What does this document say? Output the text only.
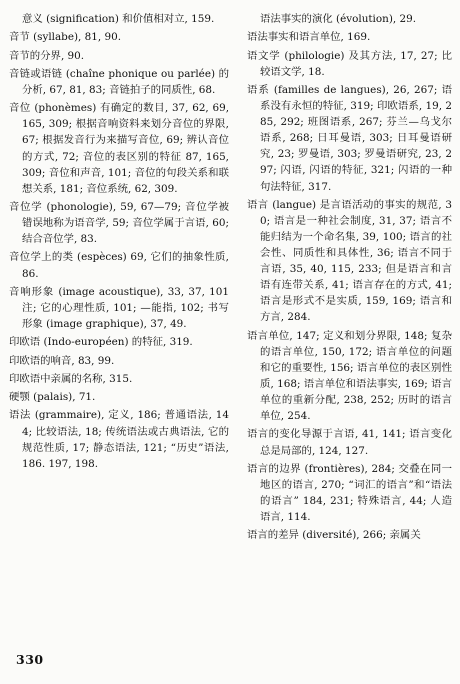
意义 (signification) 和价值相对立, 159.

音节 (syllabe), 81, 90.

音节的分界, 90.

音链或语链 (chaîne phonique ou parlée) 的分析, 67, 81, 83; 音链拍子的同质性, 68.

音位 (phonèmes) 有确定的数目, 37, 62, 69, 165, 309; 根据音响资料来划分音位的界限, 67; 根据发音行为来描写音位, 69; 辨认音位的方式, 72; 音位的表区别的特征 87, 165, 309; 音位和声音, 101; 音位的句段关系和联想关系, 181; 音位系统, 62, 309.

音位学 (phonologie), 59, 67—79; 音位学被错误地称为语音学, 59; 音位学属于言语, 60; 结合音位学, 83.

音位学上的类 (espèces) 69, 它们的抽象性质, 86.

音响形象 (image acoustique), 33, 37, 101 注; 它的心理性质, 101; —能指, 102; 书写形象 (image graphique), 37, 49.

印欧语 (Indo-européen) 的特征, 319.

印欧语的响音, 83, 99.

印欧语中亲属的名称, 315.

硬颚 (palais), 71.

语法 (grammaire), 定义, 186; 普通语法, 144; 比较语法, 18; 传统语法或古典语法, 它的规范性质, 17; 静态语法, 121; “历史”语法, 186. 197, 198.

语法事实的演化 (évolution), 29.

语法事实和语言单位, 169.

语文学 (philologie) 及其方法, 17, 27; 比较语文学, 18.

语系 (familles de langues), 26, 267; 语系没有永恒的特征, 319; 印欧语系, 19, 285, 292; 班图语系, 267; 芬兰—乌戈尔语系, 268; 日耳曼语, 303; 日耳曼语研究, 23; 罗曼语, 303; 罗曼语研究, 23, 297; 闪语, 闪语的特征, 321; 闪语的一种句法特征, 317.

语言 (langue) 是言语活动的事实的规范, 30; 语言是一种社会制度, 31, 37; 语言不能归结为一个命名集, 39, 100; 语言的社会性、同质性和具体性, 36; 语言不同于言语, 35, 40, 115, 233; 但是语言和言语有连带关系, 41; 语言存在的方式, 41; 语言是形式不是实质, 159, 169; 语言和方言, 284.

语言单位, 147; 定义和划分界限, 148; 复杂的语言单位, 150, 172; 语言单位的问题和它的重要性, 156; 语言单位的表区别性质, 168; 语言单位和语法事实, 169; 语言单位的重新分配, 238, 252; 历时的语言单位, 254.

语言的变化导源于言语, 41, 141; 语言变化总是局部的, 124, 127.

语言的边界 (frontières), 284; 交叠在同一地区的语言, 270; “词汇的语言”和“语法的语言” 184, 231; 特殊语言, 44; 人造语言, 114.

语言的差异 (diversité), 266; 亲属关

330
